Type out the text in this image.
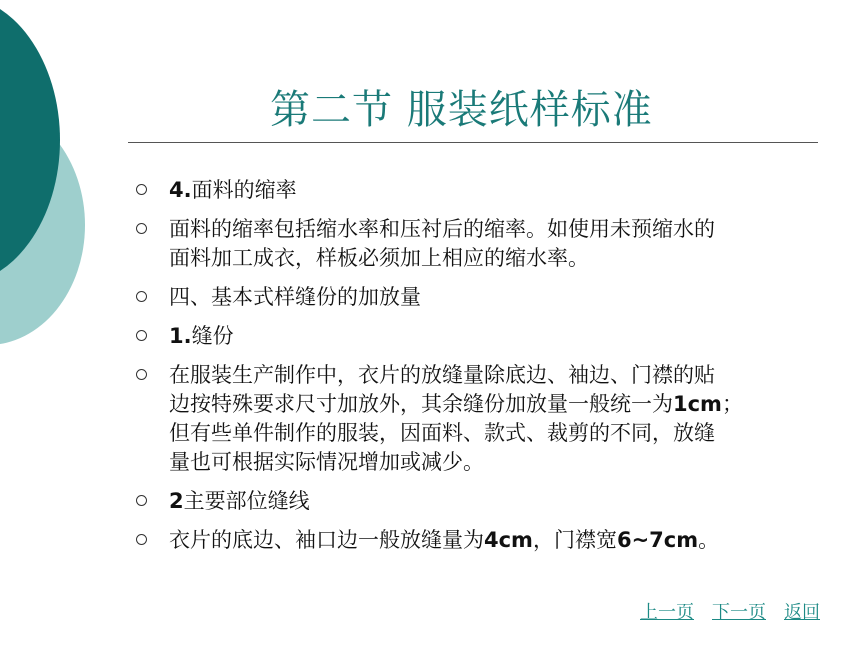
第二节 服装纸样标准
4.面料的缩率
面料的缩率包括缩水率和压衬后的缩率。如使用未预缩水的
面料加工成衣，样板必须加上相应的缩水率。
四、基本式样缝份的加放量
1.缝份
在服装生产制作中，衣片的放缝量除底边、袖边、门襟的贴
边按特殊要求尺寸加放外，其余缝份加放量一般统一为1cm；
但有些单件制作的服装，因面料、款式、裁剪的不同，放缝
量也可根据实际情况增加或减少。
2主要部位缝线
衣片的底边、袖口边一般放缝量为4cm，门襟宽6~7cm。
上一页 下一页 返回
